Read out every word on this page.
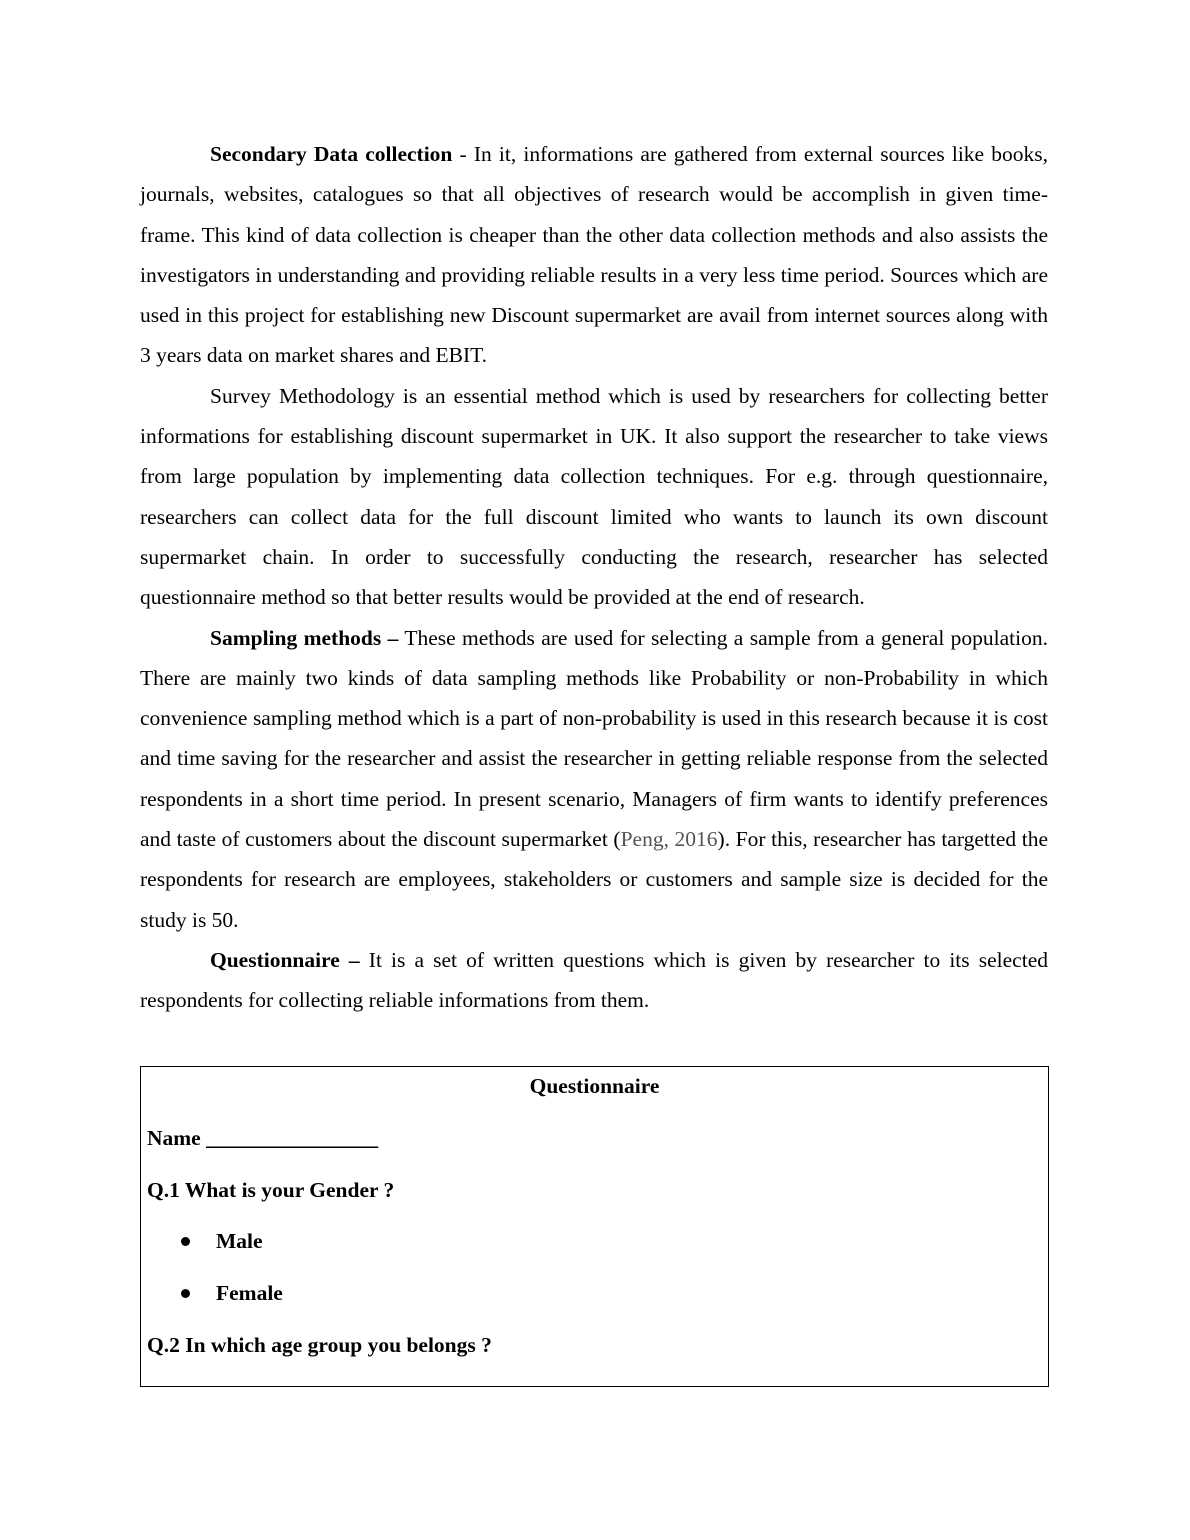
Secondary Data collection - In it, informations are gathered from external sources like books, journals, websites, catalogues so that all objectives of research would be accomplish in given time- frame. This kind of data collection is cheaper than the other data collection methods and also assists the investigators in understanding and providing reliable results in a very less time period. Sources which are used in this project for establishing new Discount supermarket are avail from internet sources along with 3 years data on market shares and EBIT.

Survey Methodology is an essential method which is used by researchers for collecting better informations for establishing discount supermarket in UK. It also support the researcher to take views from large population by implementing data collection techniques. For e.g. through questionnaire, researchers can collect data for the full discount limited who wants to launch its own discount supermarket chain. In order to successfully conducting the research, researcher has selected questionnaire method so that better results would be provided at the end of research.

Sampling methods – These methods are used for selecting a sample from a general population. There are mainly two kinds of data sampling methods like Probability or non-Probability in which convenience sampling method which is a part of non-probability is used in this research because it is cost and time saving for the researcher and assist the researcher in getting reliable response from the selected respondents in a short time period. In present scenario, Managers of firm wants to identify preferences and taste of customers about the discount supermarket (Peng, 2016). For this, researcher has targetted the respondents for research are employees, stakeholders or customers and sample size is decided for the study is 50.

Questionnaire – It is a set of written questions which is given by researcher to its selected respondents for collecting reliable informations from them.

Questionnaire
Name ________________
Q.1 What is your Gender ?
Male
Female
Q.2 In which age group you belongs ?
